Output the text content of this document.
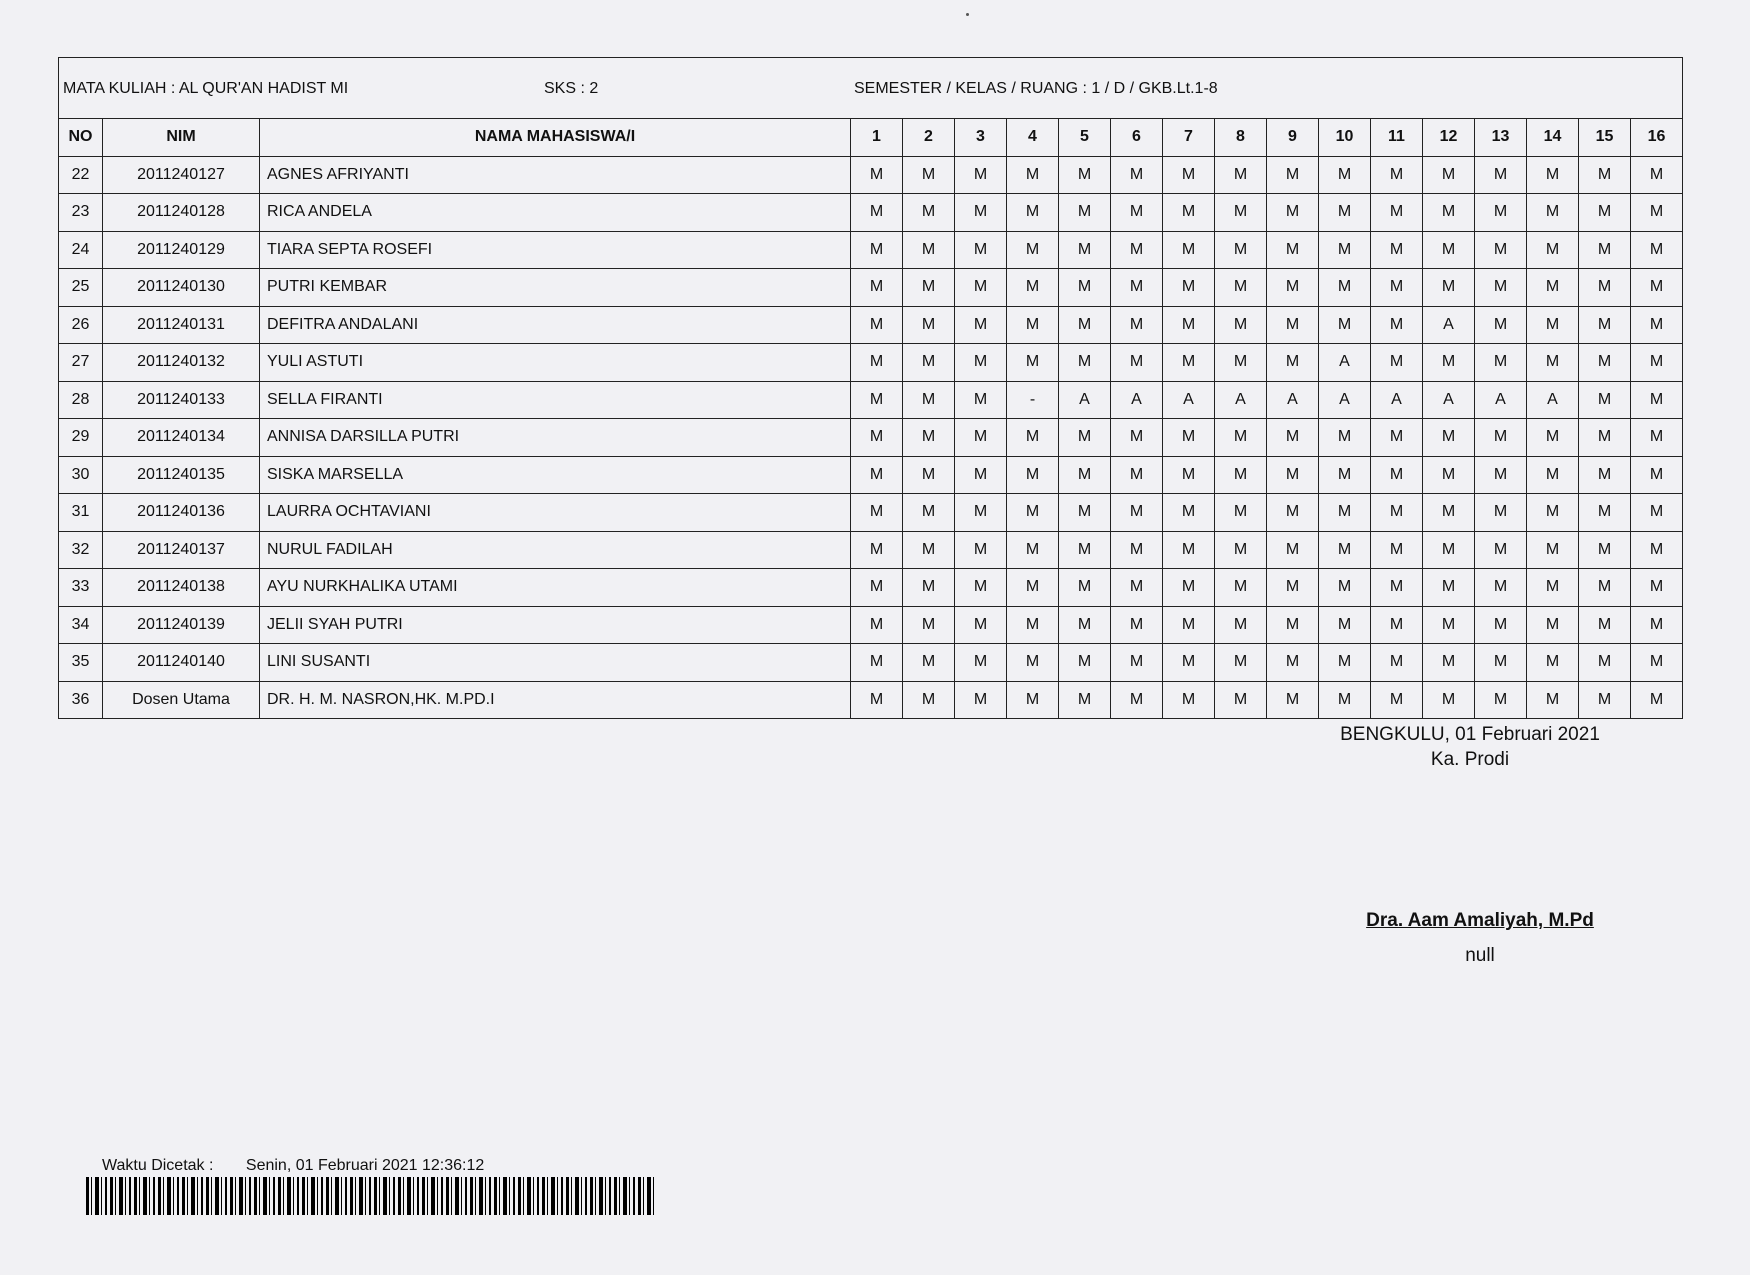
MATA KULIAH : AL QUR'AN HADIST MI SKS : 2 SEMESTER / KELAS / RUANG : 1 / D / GKB.Lt.1-8																		

NO	NIM	NAMA MAHASISWA/I	1	2	3	4	5	6	7	8	9	10	11	12	13	14	15	16
22	2011240127	AGNES AFRIYANTI	M	M	M	M	M	M	M	M	M	M	M	M	M	M	M	M
23	2011240128	RICA ANDELA	M	M	M	M	M	M	M	M	M	M	M	M	M	M	M	M
24	2011240129	TIARA SEPTA ROSEFI	M	M	M	M	M	M	M	M	M	M	M	M	M	M	M	M
25	2011240130	PUTRI KEMBAR	M	M	M	M	M	M	M	M	M	M	M	M	M	M	M	M
26	2011240131	DEFITRA ANDALANI	M	M	M	M	M	M	M	M	M	M	M	A	M	M	M	M
27	2011240132	YULI ASTUTI	M	M	M	M	M	M	M	M	M	A	M	M	M	M	M	M
28	2011240133	SELLA FIRANTI	M	M	M	-	A	A	A	A	A	A	A	A	A	A	M	M
29	2011240134	ANNISA DARSILLA PUTRI	M	M	M	M	M	M	M	M	M	M	M	M	M	M	M	M
30	2011240135	SISKA MARSELLA	M	M	M	M	M	M	M	M	M	M	M	M	M	M	M	M
31	2011240136	LAURRA OCHTAVIANI	M	M	M	M	M	M	M	M	M	M	M	M	M	M	M	M
32	2011240137	NURUL FADILAH	M	M	M	M	M	M	M	M	M	M	M	M	M	M	M	M
33	2011240138	AYU NURKHALIKA UTAMI	M	M	M	M	M	M	M	M	M	M	M	M	M	M	M	M
34	2011240139	JELII SYAH PUTRI	M	M	M	M	M	M	M	M	M	M	M	M	M	M	M	M
35	2011240140	LINI SUSANTI	M	M	M	M	M	M	M	M	M	M	M	M	M	M	M	M
36	Dosen Utama	DR. H. M. NASRON,HK. M.PD.I	M	M	M	M	M	M	M	M	M	M	M	M	M	M	M	M
BENGKULU, 01 Februari 2021
Ka. Prodi
Dra. Aam Amaliyah, M.Pd
null
Waktu Dicetak : Senin, 01 Februari 2021 12:36:12
